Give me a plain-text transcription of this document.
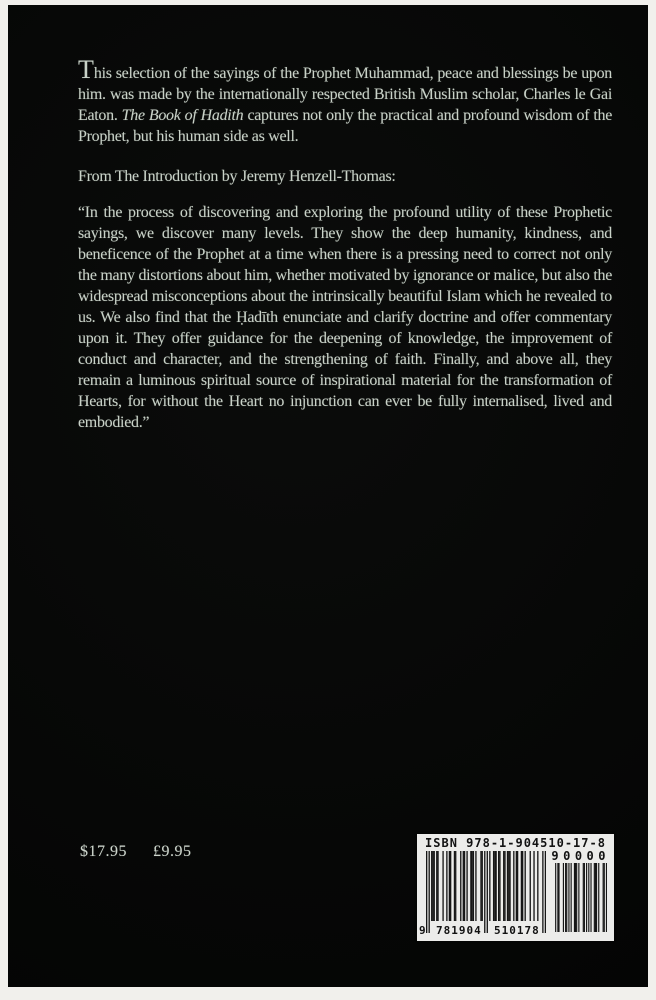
This selection of the sayings of the Prophet Muhammad, peace and blessings be upon him. was made by the internationally respected British Muslim scholar, Charles le Gai Eaton. The Book of Hadith captures not only the practical and profound wisdom of the Prophet, but his human side as well.

From The Introduction by Jeremy Henzell-Thomas:

“In the process of discovering and exploring the profound utility of these Prophetic sayings, we discover many levels. They show the deep humanity, kindness, and beneficence of the Prophet at a time when there is a pressing need to correct not only the many distortions about him, whether motivated by ignorance or malice, but also the widespread misconceptions about the intrinsically beautiful Islam which he revealed to us. We also find that the Ḥadīth enunciate and clarify doctrine and offer commentary upon it. They offer guidance for the deepening of knowledge, the improvement of conduct and character, and the strengthening of faith. Finally, and above all, they remain a luminous spiritual source of inspirational material for the transformation of Hearts, for without the Heart no injunction can ever be fully internalised, lived and embodied.”

$17.95 £9.95	ISBN 978-1-904510-17-8
90000
9 781904 510178
